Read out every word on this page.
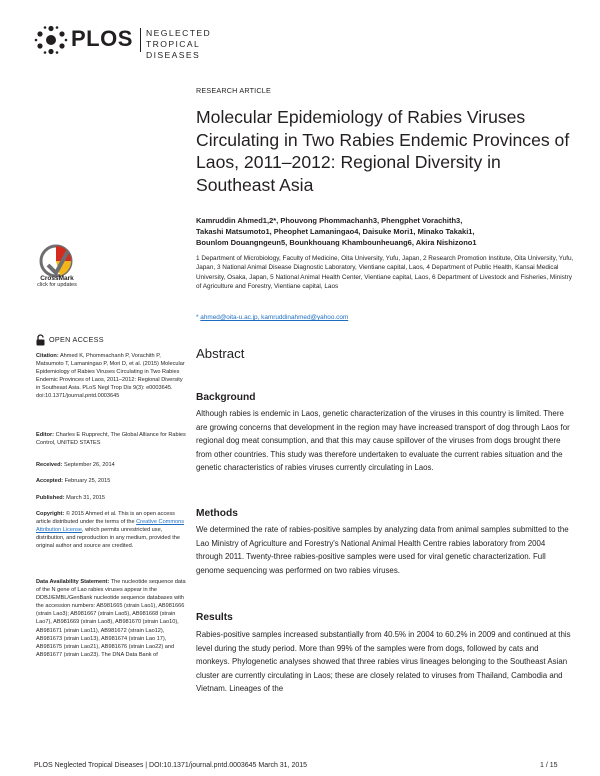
PLOS NEGLECTED
TROPICAL DISEASES
CrossMark
click for updates
OPEN ACCESS
Citation: Ahmed K, Phommachanh P, Vorachith P, Matsumoto T, Lamaningao P, Mori D, et al. (2015) Molecular Epidemiology of Rabies Viruses Circulating in Two Rabies Endemic Provinces of Laos, 2011–2012: Regional Diversity in Southeast Asia. PLoS Negl Trop Dis 9(3): e0003645. doi:10.1371/journal.pntd.0003645
Editor: Charles E Rupprecht, The Global Alliance for Rabies Control, UNITED STATES
Received: September 26, 2014
Accepted: February 25, 2015
Published: March 31, 2015
Copyright: © 2015 Ahmed et al. This is an open access article distributed under the terms of the Creative Commons Attribution License, which permits unrestricted use, distribution, and reproduction in any medium, provided the original author and source are credited.
Data Availability Statement: The nucleotide sequence data of the N gene of Lao rabies viruses appear in the DDBJ/EMBL/GenBank nucleotide sequence databases with the accession numbers: AB981665 (strain Lao1), AB981666 (strain Lao3); AB981667 (strain Lao5), AB981668 (strain Lao7), AB981669 (strain Lao8), AB981670 (strain Lao10), AB981671 (strain Lao11), AB981672 (strain Lao12), AB981673 (strain Lao13), AB981674 (strain Lao 17), AB981675 (strain Lao21), AB981676 (strain Lao22) and AB981677 (strain Lao23). The DNA Data Bank of
RESEARCH ARTICLE
Molecular Epidemiology of Rabies Viruses Circulating in Two Rabies Endemic Provinces of Laos, 2011–2012: Regional Diversity in Southeast Asia
Kamruddin Ahmed1,2*, Phouvong Phommachanh3, Phengphet Vorachith3,
Takashi Matsumoto1, Pheophet Lamaningao4, Daisuke Mori1, Minako Takaki1,
Bounlom Douangngeun5, Bounkhouang Khambounheuang6, Akira Nishizono1
1 Department of Microbiology, Faculty of Medicine, Oita University, Yufu, Japan, 2 Research Promotion Institute, Oita University, Yufu, Japan, 3 National Animal Disease Diagnostic Laboratory, Vientiane capital, Laos, 4 Department of Public Health, Kansai Medical University, Osaka, Japan, 5 National Animal Health Center, Vientiane capital, Laos, 6 Department of Livestock and Fisheries, Ministry of Agriculture and Forestry, Vientiane capital, Laos
* ahmed@oita-u.ac.jp, kamruddinahmed@yahoo.com
Abstract
Background
Although rabies is endemic in Laos, genetic characterization of the viruses in this country is limited. There are growing concerns that development in the region may have increased transport of dog through Laos for regional dog meat consumption, and that this may cause spillover of the viruses from dogs brought there from other countries. This study was therefore undertaken to evaluate the current rabies situation and the genetic characteristics of rabies viruses currently circulating in Laos.
Methods
We determined the rate of rabies-positive samples by analyzing data from animal samples submitted to the Lao Ministry of Agriculture and Forestry's National Animal Health Centre rabies laboratory from 2004 through 2011. Twenty-three rabies-positive samples were used for viral genetic characterization. Full genome sequencing was performed on two rabies viruses.
Results
Rabies-positive samples increased substantially from 40.5% in 2004 to 60.2% in 2009 and continued at this level during the study period. More than 99% of the samples were from dogs, followed by cats and monkeys. Phylogenetic analyses showed that three rabies virus lineages belonging to the Southeast Asian cluster are currently circulating in Laos; these are closely related to viruses from Thailand, Cambodia and Vietnam. Lineages of the
PLOS Neglected Tropical Diseases | DOI:10.1371/journal.pntd.0003645 March 31, 2015	1 / 15
